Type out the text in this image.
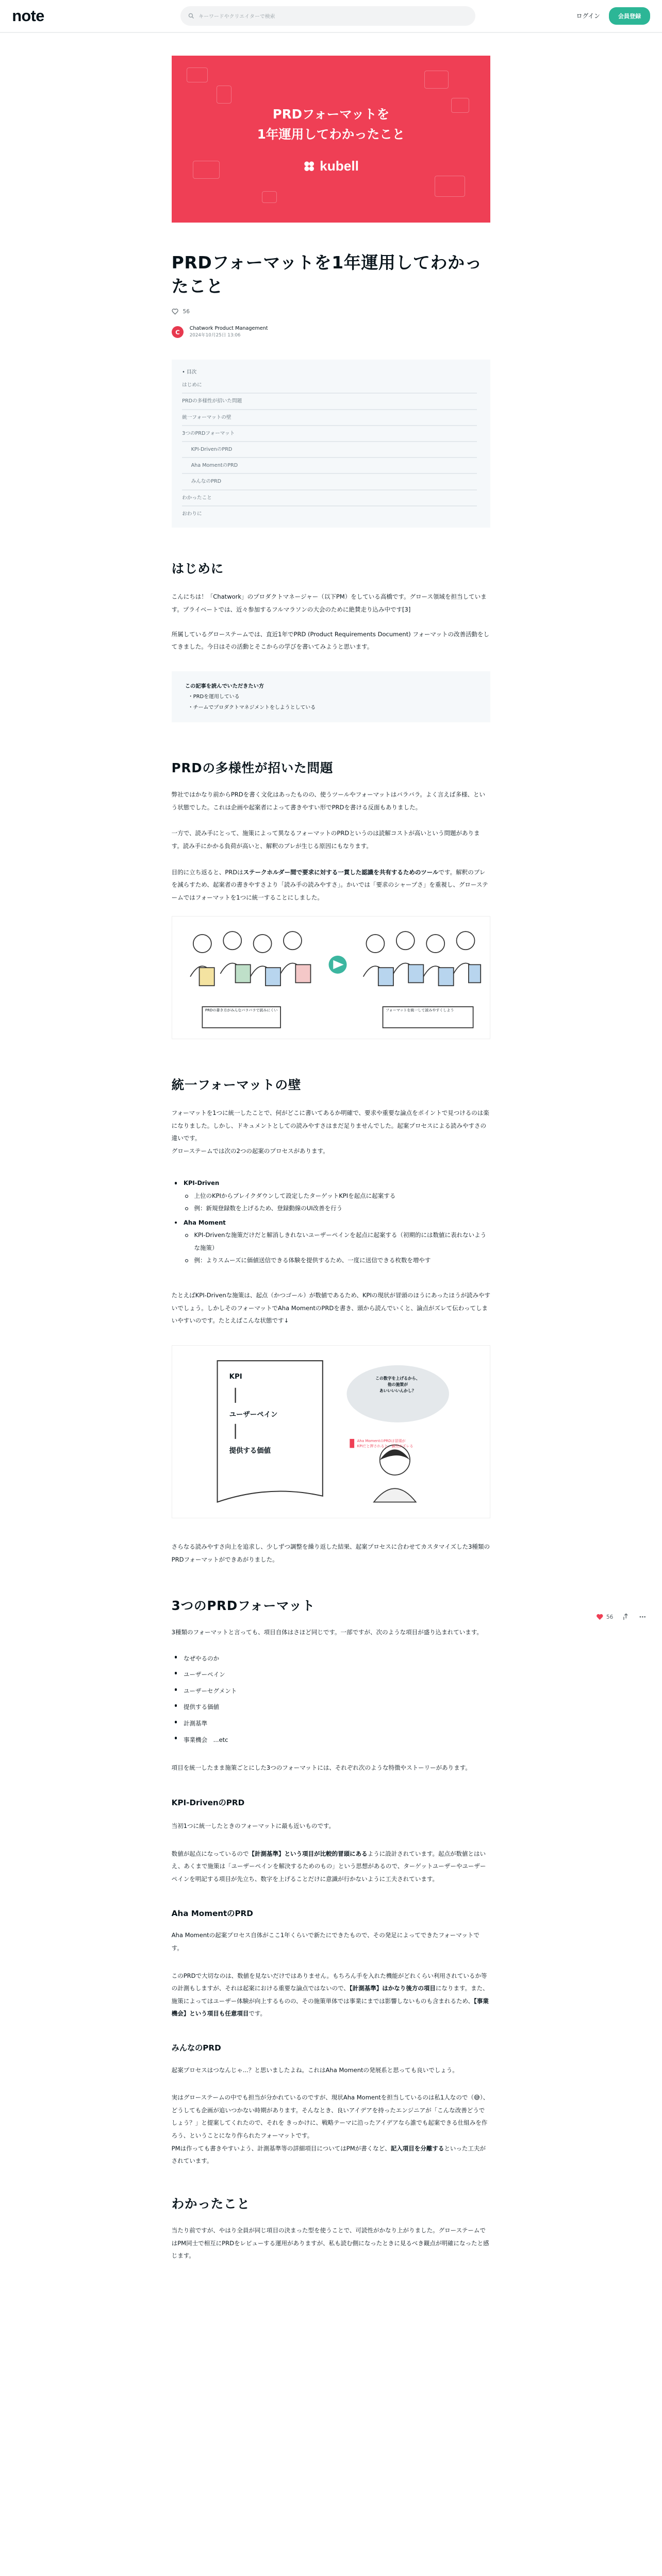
note	キーワードやクリエイターで検索	ログイン	会員登録
PRDフォーマットを
1年運用してわかったこと
kubell
PRDフォーマットを1年運用してわかったこと
56
C
Chatwork Product Management
2024年10月25日 13:06
• 目次
はじめに
PRDの多様性が招いた問題
統一フォーマットの壁
3つのPRDフォーマット
KPI-DrivenのPRD
Aha MomentのPRD
みんなのPRD
わかったこと
おわりに
はじめに

こんにちは！「Chatwork」のプロダクトマネージャー（以下PM）をしている高橋です。グロース領域を担当しています。プライベートでは、近々参加するフルマラソンの大会のために絶賛走り込み中です[3]

所属しているグローステームでは、直近1年でPRD (Product Requirements Document) フォーマットの改善活動をしてきました。今日はその活動とそこからの学びを書いてみようと思います。

この記事を読んでいただきたい方
・PRDを運用している
・チームでプロダクトマネジメントをしようとしている
PRDの多様性が招いた問題

弊社ではかなり前からPRDを書く文化はあったものの、使うツールやフォーマットはバラバラ。よく言えば多様、という状態でした。これは企画や起案者によって書きやすい形でPRDを書ける反面もありました。

一方で、読み手にとって、施策によって異なるフォーマットのPRDというのは読解コストが高いという問題があります。読み手にかかる負荷が高いと、解釈のブレが生じる原因にもなります。

目的に立ち返ると、PRDはステークホルダー間で要求に対する一貫した認識を共有するためのツールです。解釈のブレを減らすため、起案者の書きやすさより「読み手の読みやすさ」。かいでは「要求のシャープさ」を重視し、グローステームではフォーマットを1つに統一することにしました。

PRDの書き方がみんなバラバラで読みにくい	フォーマットを統一して読みやすくしよう
統一フォーマットの壁

フォーマットを1つに統一したことで、何がどこに書いてあるか明確で、要求や重要な論点をポイントで見つけるのは楽になりました。しかし、ドキュメントとしての読みやすさはまだ足りませんでした。起案プロセスによる読みやすさの違いです。

グローステームでは次の2つの起案のプロセスがあります。

KPI-Driven
上位のKPIからブレイクダウンして設定したターゲットKPIを起点に起案する
例：新規登録数を上げるため、登録動線のUI改善を行う
Aha Moment
KPI-Drivenな施策だけだと解消しきれないユーザーペインを起点に起案する（初期的には数値に表れないような施策）
例：よりスムーズに価値送信できる体験を提供するため、一度に送信できる枚数を増やす

たとえばKPI-Drivenな施策は、起点（かつゴール）が数値であるため、KPIの現状が冒頭のほうにあったほうが読みやすいでしょう。しかしそのフォーマットでAha MomentのPRDを書き、頭から読んでいくと、論点がズレて伝わってしまいやすいのです。たとえばこんな状態です↓

KPI
ユーザーペイン
提供する価値
この数字を上げるから、
他の施策が
あいいいいんかし？
Aha MomentのPRDは冒頭が
KPIだと押されると、論点がズレる

さらなる読みやすさ向上を追求し、少しずつ調整を繰り返した結果、起案プロセスに合わせてカスタマイズした3種類のPRDフォーマットができあがりました。

3つのPRDフォーマット

3種類のフォーマットと言っても、項目自体はさほど同じです。一部ですが、次のような項目が盛り込まれています。

なぜやるのか
ユーザーペイン
ユーザーセグメント
提供する価値
計測基準
事業機会　...etc

項目を統一したまま施策ごとにした3つのフォーマットには、それぞれ次のような特徴やストーリーがあります。

KPI-DrivenのPRD

当初1つに統一したときのフォーマットに最も近いものです。

数値が起点になっているので【計測基準】という項目が比較的冒頭にあるように設計されています。起点が数値とはいえ、あくまで施策は「ユーザーペインを解決するためのもの」という思想があるので、ターゲットユーザーやユーザーペインを明記する項目が先立ち、数字を上げることだけに意識が行かないように工夫されています。

Aha MomentのPRD

Aha Momentの起案プロセス自体がここ1年くらいで新たにできたもので、その発足によってできたフォーマットです。

このPRDで大切なのは、数値を見ないだけではありません。もちろん手を入れた機能がどれくらい利用されているか等の計測もしますが、それは起案における重要な論点ではないので、【計測基準】はかなり後方の項目になります。また、施策によってはユーザー体験が向上するものの、その施策単体では事業にまでは影響しないものも含まれるため、【事業機会】という項目も任意項目です。

みんなのPRD

起案プロセスはつなんじゃ...？と思いましたよね。これはAha Momentの発展系と思っても良いでしょう。

実はグローステームの中でも担当が分かれているのですが、現状Aha Momentを担当しているのは私1人なので（😅）、どうしても企画が追いつかない時期があります。そんなとき、良いアイデアを持ったエンジニアが「こんな改善どうでしょう？」と提案してくれたので、それを きっかけに、戦略テーマに沿ったアイデアなら誰でも起案できる仕組みを作ろう、ということになり作られたフォーマットです。

PMは作っても書きやすいよう、計測基準等の詳細項目についてはPMが書くなど、記入項目を分離するといった工夫がされています。

わかったこと

当たり前ですが、やはり全員が同じ項目の決まった型を使うことで、可読性がかなり上がりました。グローステームではPM同士で相互にPRDをレビューする運用がありますが、私も読む側になったときに見るべき観点が明確になったと感じます。

56
